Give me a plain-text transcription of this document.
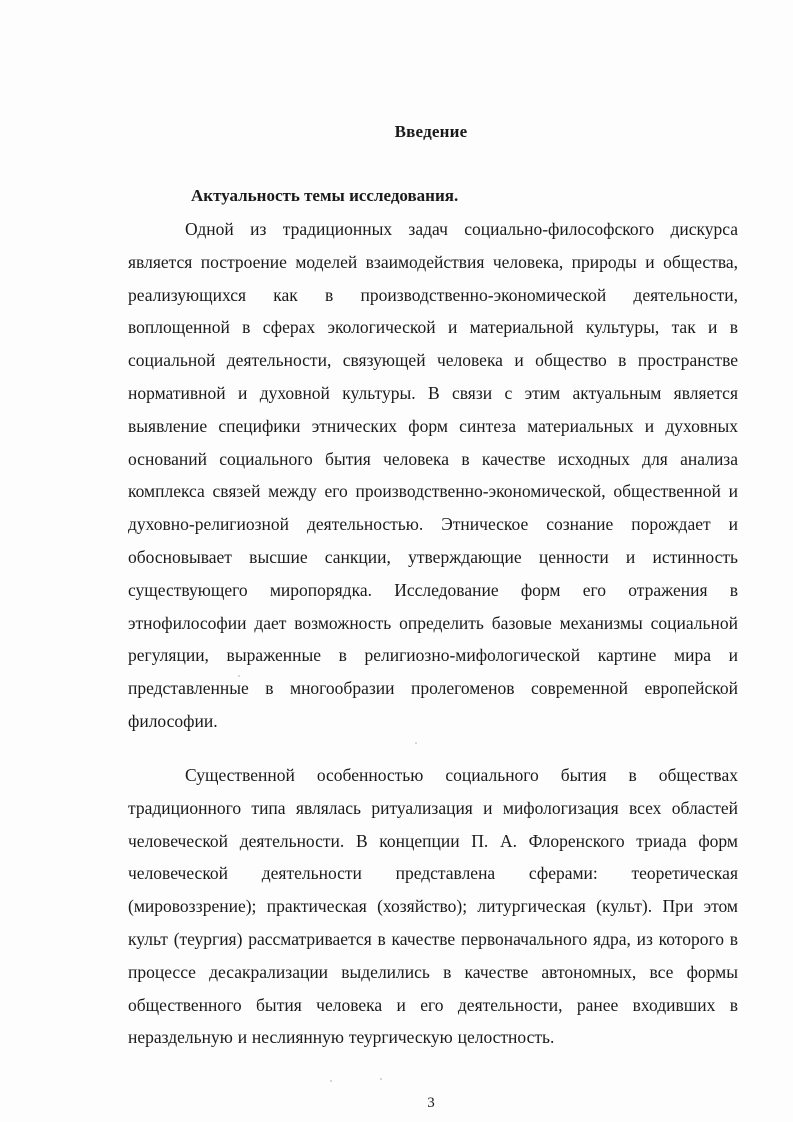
Введение
Актуальность темы исследования.

Одной из традиционных задач социально-философского дискурса является построение моделей взаимодействия человека, природы и общества, реализующихся как в производственно-экономической деятельности, воплощенной в сферах экологической и материальной культуры, так и в социальной деятельности, связующей человека и общество в пространстве нормативной и духовной культуры. В связи с этим актуальным является выявление специфики этнических форм синтеза материальных и духовных оснований социального бытия человека в качестве исходных для анализа комплекса связей между его производственно-экономической, общественной и духовно-религиозной деятельностью. Этническое сознание порождает и обосновывает высшие санкции, утверждающие ценности и истинность существующего миропорядка. Исследование форм его отражения в этнофилософии дает возможность определить базовые механизмы социальной регуляции, выраженные в религиозно-мифологической картине мира и представленные в многообразии пролегоменов современной европейской философии.

Существенной особенностью социального бытия в обществах традиционного типа являлась ритуализация и мифологизация всех областей человеческой деятельности. В концепции П. А. Флоренского триада форм человеческой деятельности представлена сферами: теоретическая (мировоззрение); практическая (хозяйство); литургическая (культ). При этом культ (теургия) рассматривается в качестве первоначального ядра, из которого в процессе десакрализации выделились в качестве автономных, все формы общественного бытия человека и его деятельности, ранее входивших в нераздельную и неслиянную теургическую целостность.

3
